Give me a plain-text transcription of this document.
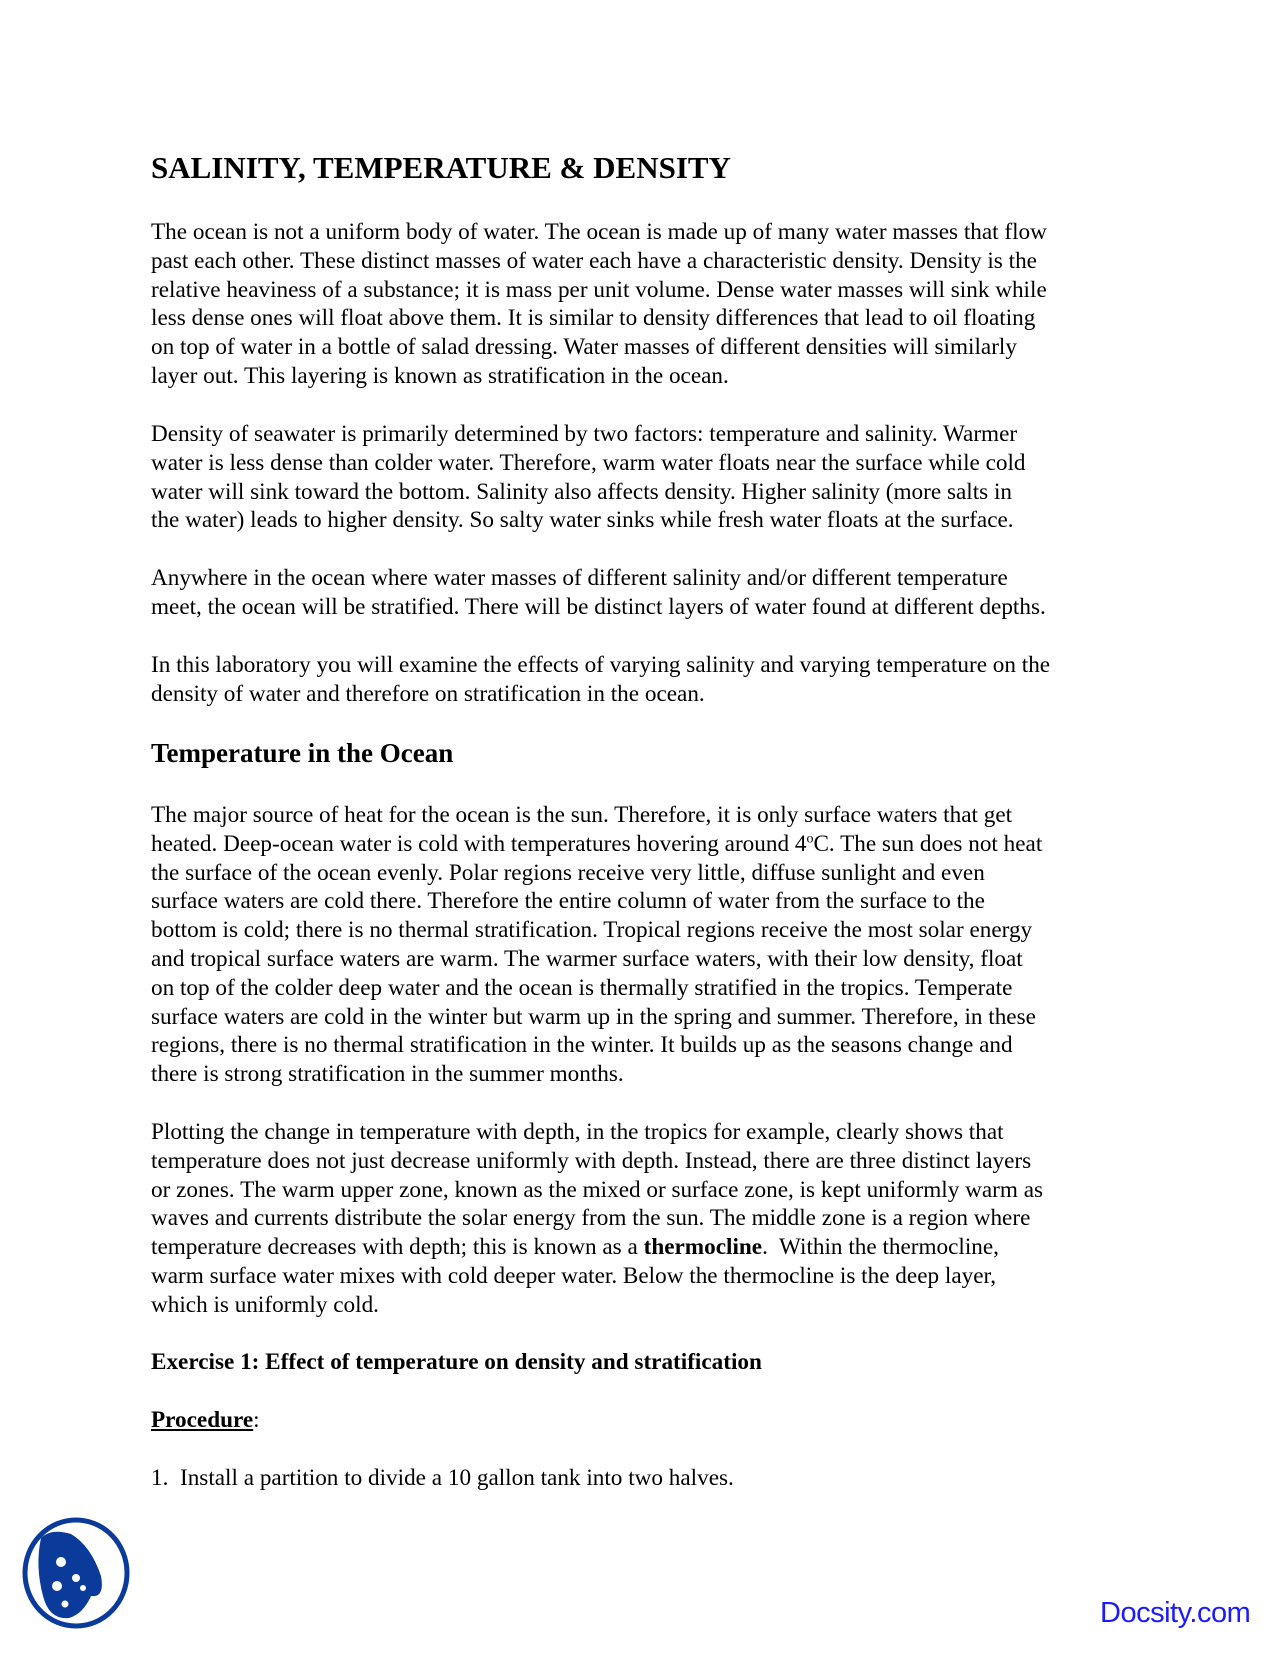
SALINITY, TEMPERATURE & DENSITY
The ocean is not a uniform body of water. The ocean is made up of many water masses that flow
past each other. These distinct masses of water each have a characteristic density. Density is the
relative heaviness of a substance; it is mass per unit volume. Dense water masses will sink while
less dense ones will float above them. It is similar to density differences that lead to oil floating
on top of water in a bottle of salad dressing. Water masses of different densities will similarly
layer out. This layering is known as stratification in the ocean.
Density of seawater is primarily determined by two factors: temperature and salinity. Warmer
water is less dense than colder water. Therefore, warm water floats near the surface while cold
water will sink toward the bottom. Salinity also affects density. Higher salinity (more salts in
the water) leads to higher density. So salty water sinks while fresh water floats at the surface.
Anywhere in the ocean where water masses of different salinity and/or different temperature
meet, the ocean will be stratified. There will be distinct layers of water found at different depths.
In this laboratory you will examine the effects of varying salinity and varying temperature on the
density of water and therefore on stratification in the ocean.
Temperature in the Ocean
The major source of heat for the ocean is the sun. Therefore, it is only surface waters that get
heated. Deep-ocean water is cold with temperatures hovering around 4$^o$C. The sun does not heat
the surface of the ocean evenly. Polar regions receive very little, diffuse sunlight and even
surface waters are cold there. Therefore the entire column of water from the surface to the
bottom is cold; there is no thermal stratification. Tropical regions receive the most solar energy
and tropical surface waters are warm. The warmer surface waters, with their low density, float
on top of the colder deep water and the ocean is thermally stratified in the tropics. Temperate
surface waters are cold in the winter but warm up in the spring and summer. Therefore, in these
regions, there is no thermal stratification in the winter. It builds up as the seasons change and
there is strong stratification in the summer months.
Plotting the change in temperature with depth, in the tropics for example, clearly shows that
temperature does not just decrease uniformly with depth. Instead, there are three distinct layers
or zones. The warm upper zone, known as the mixed or surface zone, is kept uniformly warm as
waves and currents distribute the solar energy from the sun. The middle zone is a region where
temperature decreases with depth; this is known as a thermocline.  Within the thermocline,
warm surface water mixes with cold deeper water. Below the thermocline is the deep layer,
which is uniformly cold.
Exercise 1: Effect of temperature on density and stratification
Procedure:
1.  Install a partition to divide a 10 gallon tank into two halves.
Docsity.com
